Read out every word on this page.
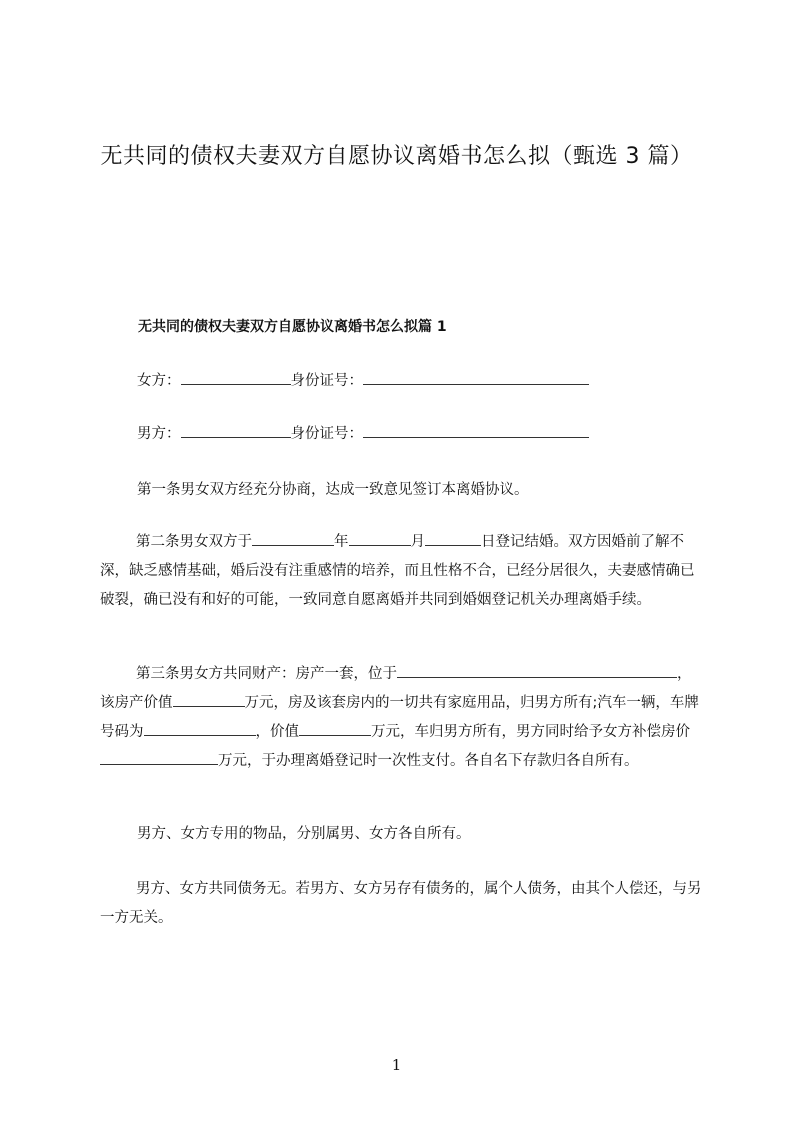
无共同的债权夫妻双方自愿协议离婚书怎么拟（甄选 3 篇）
无共同的债权夫妻双方自愿协议离婚书怎么拟篇 1

女方：	身份证号：

男方：	身份证号：

第一条男女双方经充分协商，达成一致意见签订本离婚协议。

第二条男女双方于	年	月	日登记结婚。双方因婚前了解不深，缺乏感情基础，婚后没有注重感情的培养，而且性格不合，已经分居很久，夫妻感情确已破裂，确已没有和好的可能，一致同意自愿离婚并共同到婚姻登记机关办理离婚手续。

第三条男女方共同财产：房产一套，位于	，该房产价值	万元，房及该套房内的一切共有家庭用品，归男方所有;汽车一辆，车牌号码为	，价值	万元，车归男方所有，男方同时给予女方补偿房价万元，于办理离婚登记时一次性支付。各自名下存款归各自所有。

男方、女方专用的物品，分别属男、女方各自所有。

男方、女方共同债务无。若男方、女方另存有债务的，属个人债务，由其个人偿还，与另一方无关。

1
